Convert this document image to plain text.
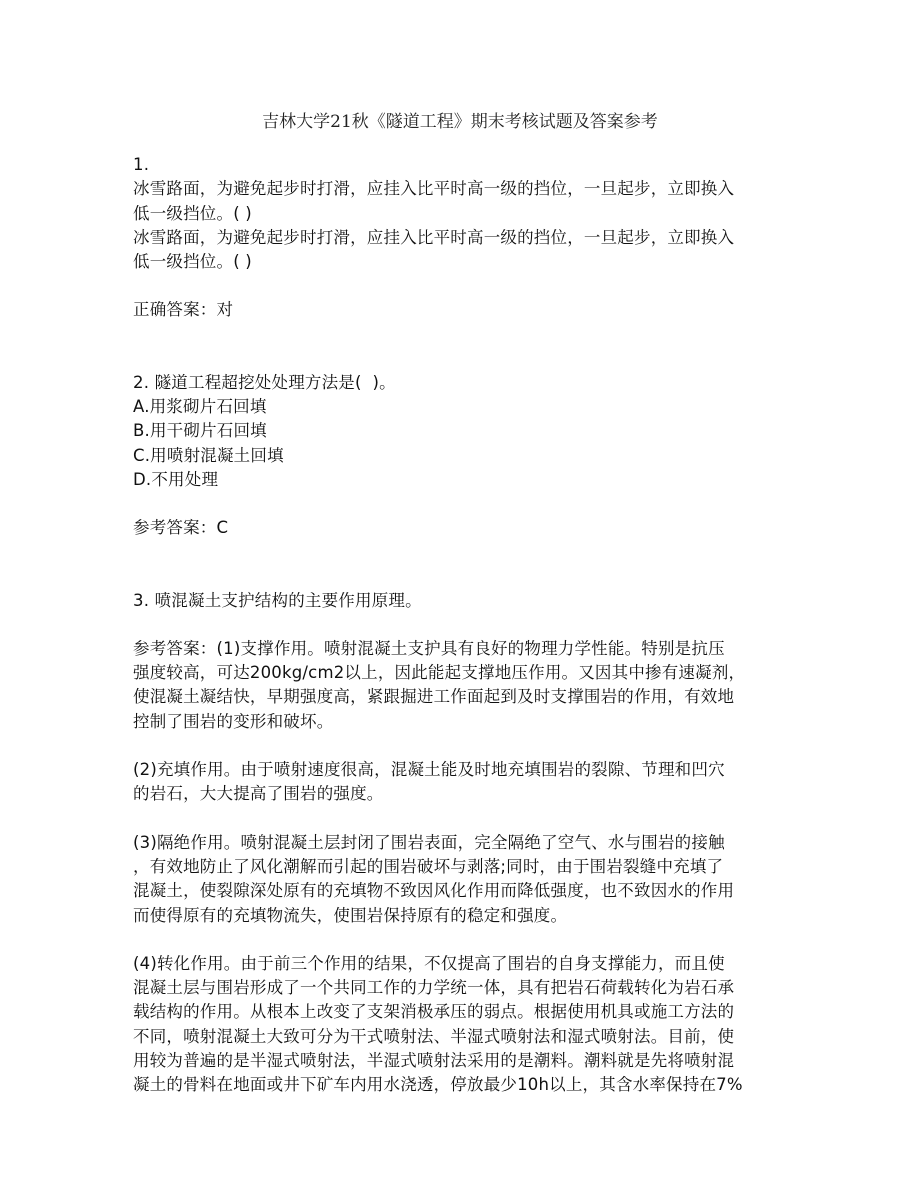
吉林大学21秋《隧道工程》期末考核试题及答案参考
1.
冰雪路面，为避免起步时打滑，应挂入比平时高一级的挡位，一旦起步，立即换入
低一级挡位。( )
冰雪路面，为避免起步时打滑，应挂入比平时高一级的挡位，一旦起步，立即换入
低一级挡位。( )
正确答案：对
2. 隧道工程超挖处处理方法是(  )。
A.用浆砌片石回填
B.用干砌片石回填
C.用喷射混凝土回填
D.不用处理
参考答案：C
3. 喷混凝土支护结构的主要作用原理。
参考答案：(1)支撑作用。喷射混凝土支护具有良好的物理力学性能。特别是抗压
强度较高，可达200kg/cm2以上，因此能起支撑地压作用。又因其中掺有速凝剂，
使混凝土凝结快，早期强度高，紧跟掘进工作面起到及时支撑围岩的作用，有效地
控制了围岩的变形和破坏。
(2)充填作用。由于喷射速度很高，混凝土能及时地充填围岩的裂隙、节理和凹穴
的岩石，大大提高了围岩的强度。
(3)隔绝作用。喷射混凝土层封闭了围岩表面，完全隔绝了空气、水与围岩的接触
，有效地防止了风化潮解而引起的围岩破坏与剥落;同时，由于围岩裂缝中充填了
混凝土，使裂隙深处原有的充填物不致因风化作用而降低强度，也不致因水的作用
而使得原有的充填物流失，使围岩保持原有的稳定和强度。
(4)转化作用。由于前三个作用的结果，不仅提高了围岩的自身支撑能力，而且使
混凝土层与围岩形成了一个共同工作的力学统一体，具有把岩石荷载转化为岩石承
载结构的作用。从根本上改变了支架消极承压的弱点。根据使用机具或施工方法的
不同，喷射混凝土大致可分为干式喷射法、半湿式喷射法和湿式喷射法。目前，使
用较为普遍的是半湿式喷射法，半湿式喷射法采用的是潮料。潮料就是先将喷射混
凝土的骨料在地面或井下矿车内用水浇透，停放最少10h以上，其含水率保持在7%
